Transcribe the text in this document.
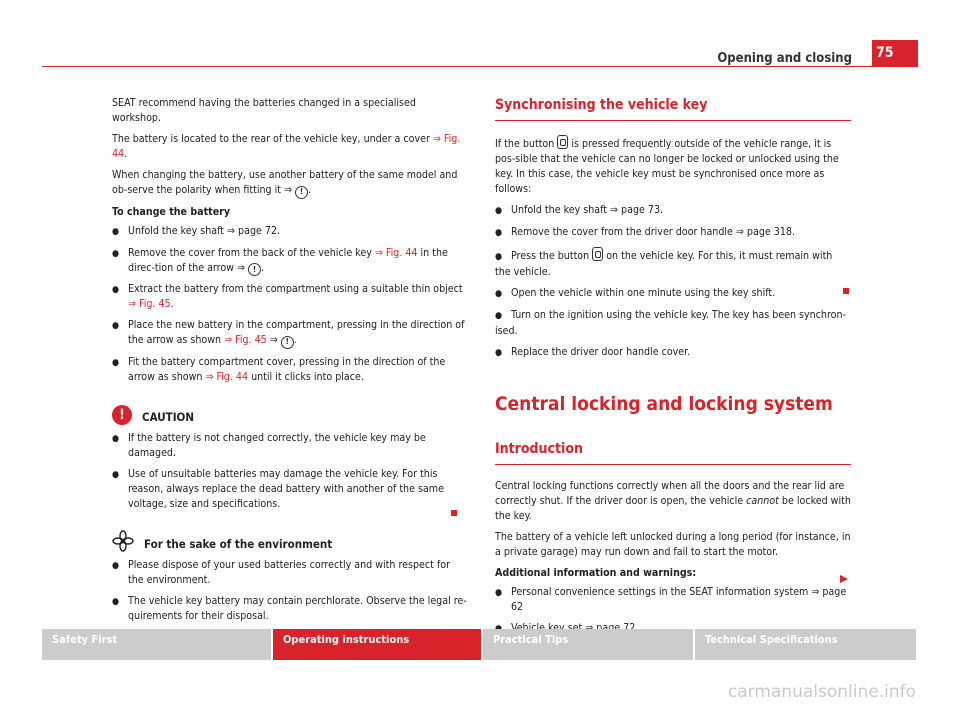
Opening and closing 75

SEAT recommend having the batteries changed in a specialised workshop.

The battery is located to the rear of the vehicle key, under a cover ⇒ Fig. 44.

When changing the battery, use another battery of the same model and ob-serve the polarity when fitting it ⇒ ! .

To change the battery
● Unfold the key shaft ⇒ page 72.
● Remove the cover from the back of the vehicle key ⇒ Fig. 44 in the direc-tion of the arrow ⇒ ! .
● Extract the battery from the compartment using a suitable thin object ⇒ Fig. 45.
● Place the new battery in the compartment, pressing in the direction of the arrow as shown ⇒ Fig. 45 ⇒ ! .
● Fit the battery compartment cover, pressing in the direction of the arrow as shown ⇒ Fig. 44 until it clicks into place.
!	CAUTION
● If the battery is not changed correctly, the vehicle key may be damaged.
● Use of unsuitable batteries may damage the vehicle key. For this reason, always replace the dead battery with another of the same voltage, size and specifications.
For the sake of the environment
● Please dispose of your used batteries correctly and with respect for the environment.
● The vehicle key battery may contain perchlorate. Observe the legal re-quirements for their disposal.
Synchronising the vehicle key

If the button  is pressed frequently outside of the vehicle range, it is pos-sible that the vehicle can no longer be locked or unlocked using the key. In this case, the vehicle key must be synchronised once more as follows:

● Unfold the key shaft ⇒ page 73.
● Remove the cover from the driver door handle ⇒ page 318.
● Press the button  on the vehicle key. For this, it must remain with the vehicle.
● Open the vehicle within one minute using the key shift.
● Turn on the ignition using the vehicle key. The key has been synchron-ised.
● Replace the driver door handle cover.
Central locking and locking system
Introduction

Central locking functions correctly when all the doors and the rear lid are correctly shut. If the driver door is open, the vehicle cannot be locked with the key.

The battery of a vehicle left unlocked during a long period (for instance, in a private garage) may run down and fail to start the motor.

Additional information and warnings:
● Personal convenience settings in the SEAT information system ⇒ page 62
Safety First	Operating instructions	Practical Tips	Technical Specifications
carmanualsonline.info
